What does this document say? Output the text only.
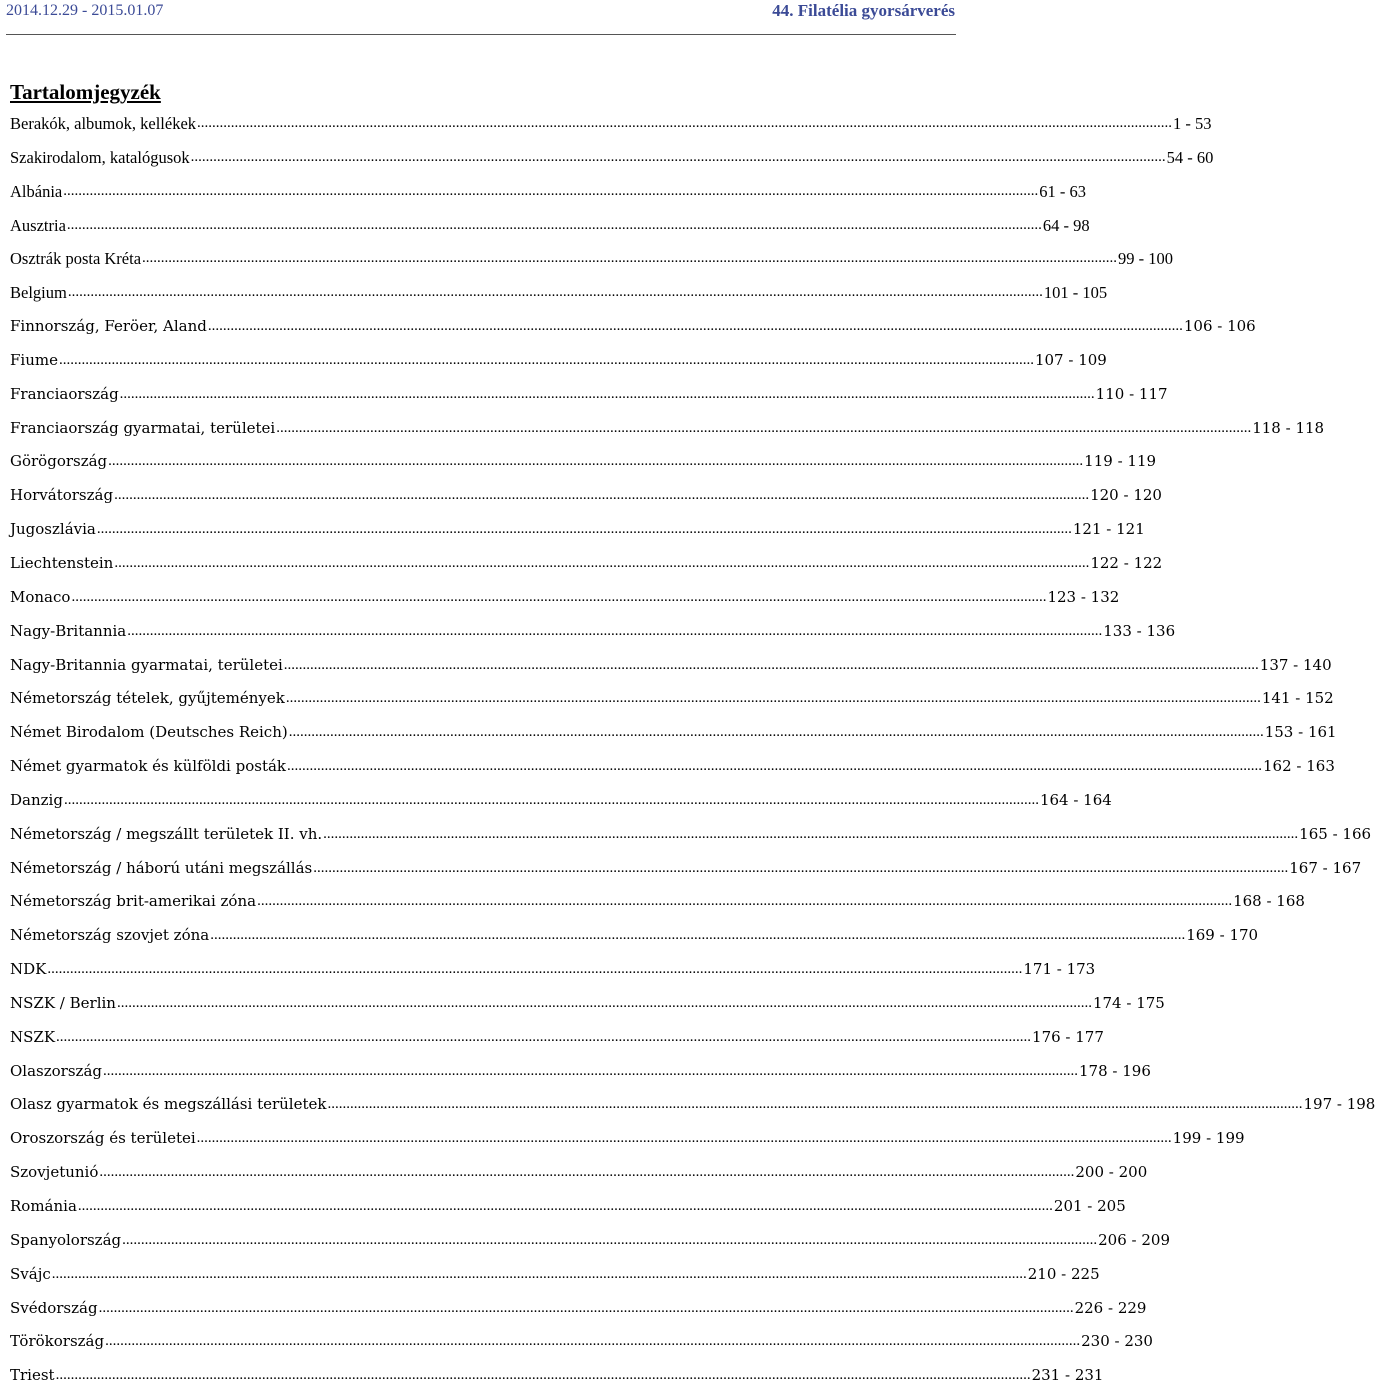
2014.12.29 - 2015.01.07	44. Filatélia gyorsárverés
Tartalomjegyzék
Berakók, albumok, kellékek .................................................................................................................................................................................................................................................................... 1 - 53
Szakirodalom, katalógusok .................................................................................................................................................................................................................................................................... 54 - 60
Albánia .................................................................................................................................................................................................................................................................... 61 - 63
Ausztria .................................................................................................................................................................................................................................................................... 64 - 98
Osztrák posta Kréta .................................................................................................................................................................................................................................................................... 99 - 100
Belgium .................................................................................................................................................................................................................................................................... 101 - 105
Finnország, Feröer, Aland .................................................................................................................................................................................................................................................................... 106 - 106
Fiume .................................................................................................................................................................................................................................................................... 107 - 109
Franciaország .................................................................................................................................................................................................................................................................... 110 - 117
Franciaország gyarmatai, területei .................................................................................................................................................................................................................................................................... 118 - 118
Görögország .................................................................................................................................................................................................................................................................... 119 - 119
Horvátország .................................................................................................................................................................................................................................................................... 120 - 120
Jugoszlávia .................................................................................................................................................................................................................................................................... 121 - 121
Liechtenstein .................................................................................................................................................................................................................................................................... 122 - 122
Monaco .................................................................................................................................................................................................................................................................... 123 - 132
Nagy-Britannia .................................................................................................................................................................................................................................................................... 133 - 136
Nagy-Britannia gyarmatai, területei .................................................................................................................................................................................................................................................................... 137 - 140
Németország tételek, gyűjtemények .................................................................................................................................................................................................................................................................... 141 - 152
Német Birodalom (Deutsches Reich) .................................................................................................................................................................................................................................................................... 153 - 161
Német gyarmatok és külföldi posták .................................................................................................................................................................................................................................................................... 162 - 163
Danzig .................................................................................................................................................................................................................................................................... 164 - 164
Németország / megszállt területek II. vh. .................................................................................................................................................................................................................................................................... 165 - 166
Németország / háború utáni megszállás .................................................................................................................................................................................................................................................................... 167 - 167
Németország brit-amerikai zóna .................................................................................................................................................................................................................................................................... 168 - 168
Németország szovjet zóna .................................................................................................................................................................................................................................................................... 169 - 170
NDK .................................................................................................................................................................................................................................................................... 171 - 173
NSZK / Berlin .................................................................................................................................................................................................................................................................... 174 - 175
NSZK .................................................................................................................................................................................................................................................................... 176 - 177
Olaszország .................................................................................................................................................................................................................................................................... 178 - 196
Olasz gyarmatok és megszállási területek .................................................................................................................................................................................................................................................................... 197 - 198
Oroszország és területei .................................................................................................................................................................................................................................................................... 199 - 199
Szovjetunió .................................................................................................................................................................................................................................................................... 200 - 200
Románia .................................................................................................................................................................................................................................................................... 201 - 205
Spanyolország .................................................................................................................................................................................................................................................................... 206 - 209
Svájc .................................................................................................................................................................................................................................................................... 210 - 225
Svédország .................................................................................................................................................................................................................................................................... 226 - 229
Törökország .................................................................................................................................................................................................................................................................... 230 - 230
Triest .................................................................................................................................................................................................................................................................... 231 - 231
